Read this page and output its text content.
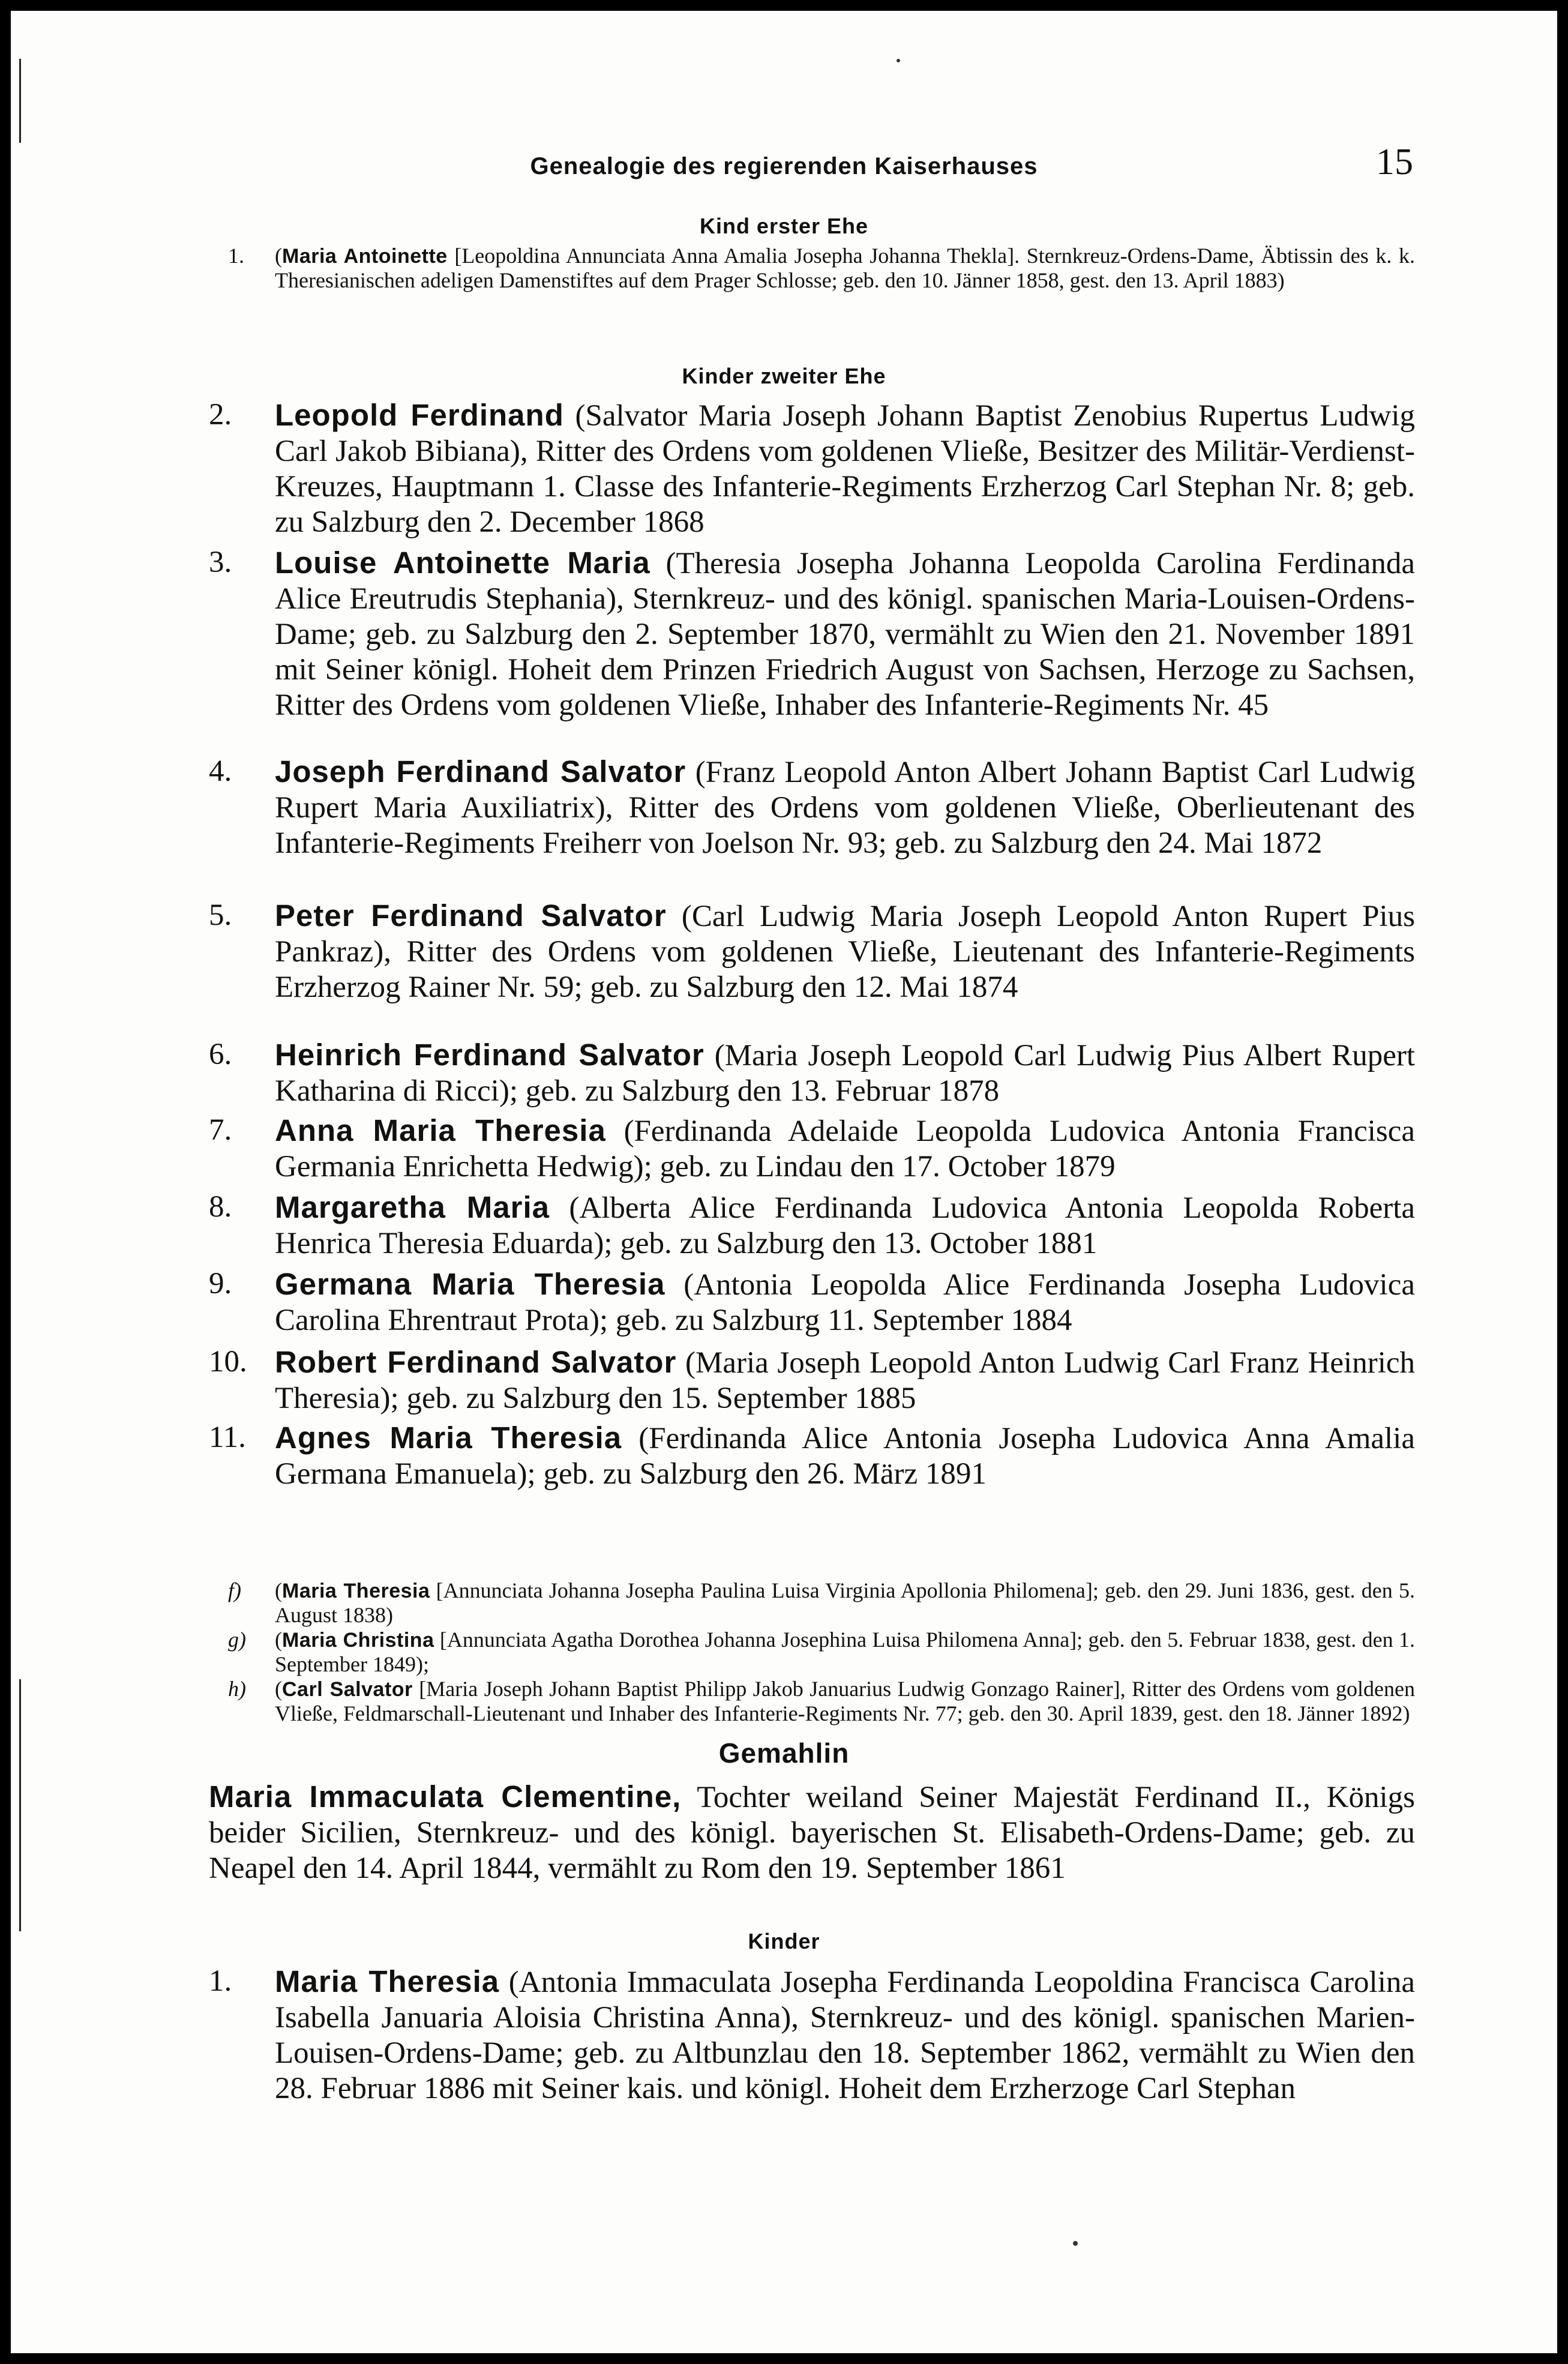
Genealogie des regierenden Kaiserhauses	15
Kind erster Ehe
1.	(Maria Antoinette [Leopoldina Annunciata Anna Amalia Josepha Johanna Thekla]. Sternkreuz-Ordens-Dame, Äbtissin des k. k. Theresianischen adeligen Damenstiftes auf dem Prager Schlosse; geb. den 10. Jänner 1858, gest. den 13. April 1883)
Kinder zweiter Ehe
2.	Leopold Ferdinand (Salvator Maria Joseph Johann Baptist Zenobius Rupertus Ludwig Carl Jakob Bibiana), Ritter des Ordens vom goldenen Vließe, Besitzer des Militär-Verdienst-Kreuzes, Hauptmann 1. Classe des Infanterie-Regiments Erzherzog Carl Stephan Nr. 8; geb. zu Salzburg den 2. December 1868
3.	Louise Antoinette Maria (Theresia Josepha Johanna Leopolda Carolina Ferdinanda Alice Ereutrudis Stephania), Sternkreuz- und des königl. spanischen Maria-Louisen-Ordens-Dame; geb. zu Salzburg den 2. September 1870, vermählt zu Wien den 21. November 1891 mit Seiner königl. Hoheit dem Prinzen Friedrich August von Sachsen, Herzoge zu Sachsen, Ritter des Ordens vom goldenen Vließe, Inhaber des Infanterie-Regiments Nr. 45
4.	Joseph Ferdinand Salvator (Franz Leopold Anton Albert Johann Baptist Carl Ludwig Rupert Maria Auxiliatrix), Ritter des Ordens vom goldenen Vließe, Oberlieutenant des Infanterie-Regiments Freiherr von Joelson Nr. 93; geb. zu Salzburg den 24. Mai 1872
5.	Peter Ferdinand Salvator (Carl Ludwig Maria Joseph Leopold Anton Rupert Pius Pankraz), Ritter des Ordens vom goldenen Vließe, Lieutenant des Infanterie-Regiments Erzherzog Rainer Nr. 59; geb. zu Salzburg den 12. Mai 1874
6.	Heinrich Ferdinand Salvator (Maria Joseph Leopold Carl Ludwig Pius Albert Rupert Katharina di Ricci); geb. zu Salzburg den 13. Februar 1878
7.	Anna Maria Theresia (Ferdinanda Adelaide Leopolda Ludovica Antonia Francisca Germania Enrichetta Hedwig); geb. zu Lindau den 17. October 1879
8.	Margaretha Maria (Alberta Alice Ferdinanda Ludovica Antonia Leopolda Roberta Henrica Theresia Eduarda); geb. zu Salzburg den 13. October 1881
9.	Germana Maria Theresia (Antonia Leopolda Alice Ferdinanda Josepha Ludovica Carolina Ehrentraut Prota); geb. zu Salzburg 11. September 1884
10. Robert Ferdinand Salvator (Maria Joseph Leopold Anton Ludwig Carl Franz Heinrich Theresia); geb. zu Salzburg den 15. September 1885
11. Agnes Maria Theresia (Ferdinanda Alice Antonia Josepha Ludovica Anna Amalia Germana Emanuela); geb. zu Salzburg den 26. März 1891
f)	(Maria Theresia [Annunciata Johanna Josepha Paulina Luisa Virginia Apollonia Philomena]; geb. den 29. Juni 1836, gest. den 5. August 1838)
g)	(Maria Christina [Annunciata Agatha Dorothea Johanna Josephina Luisa Philomena Anna]; geb. den 5. Februar 1838, gest. den 1. September 1849);
h)	(Carl Salvator [Maria Joseph Johann Baptist Philipp Jakob Januarius Ludwig Gonzago Rainer], Ritter des Ordens vom goldenen Vließe, Feldmarschall-Lieutenant und Inhaber des Infanterie-Regiments Nr. 77; geb. den 30. April 1839, gest. den 18. Jänner 1892)
Gemahlin
Maria Immaculata Clementine, Tochter weiland Seiner Majestät Ferdinand II., Königs beider Sicilien, Sternkreuz- und des königl. bayerischen St. Elisabeth-Ordens-Dame; geb. zu Neapel den 14. April 1844, vermählt zu Rom den 19. September 1861
Kinder
1.	Maria Theresia (Antonia Immaculata Josepha Ferdinanda Leopoldina Francisca Carolina Isabella Januaria Aloisia Christina Anna), Sternkreuz- und des königl. spanischen Marien-Louisen-Ordens-Dame; geb. zu Altbunzlau den 18. September 1862, vermählt zu Wien den 28. Februar 1886 mit Seiner kais. und königl. Hoheit dem Erzherzoge Carl Stephan
